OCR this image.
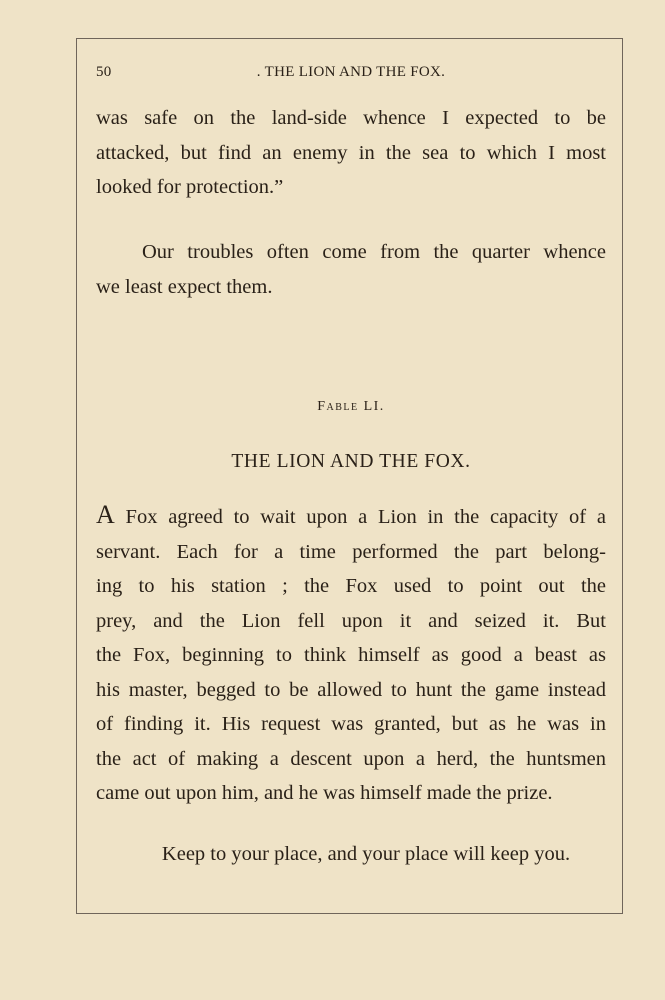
50	. THE LION AND THE FOX.
was safe on the land-side whence I expected to be
attacked, but find an enemy in the sea to which I most
looked for protection.”
Our troubles often come from the quarter whence
we least expect them.
Fable LI.
THE LION AND THE FOX.
A Fox agreed to wait upon a Lion in the capacity of a
servant. Each for a time performed the part belong-
ing to his station ; the Fox used to point out the
prey, and the Lion fell upon it and seized it. But
the Fox, beginning to think himself as good a beast as
his master, begged to be allowed to hunt the game instead
of finding it. His request was granted, but as he was in
the act of making a descent upon a herd, the huntsmen
came out upon him, and he was himself made the prize.
Keep to your place, and your place will keep you.
